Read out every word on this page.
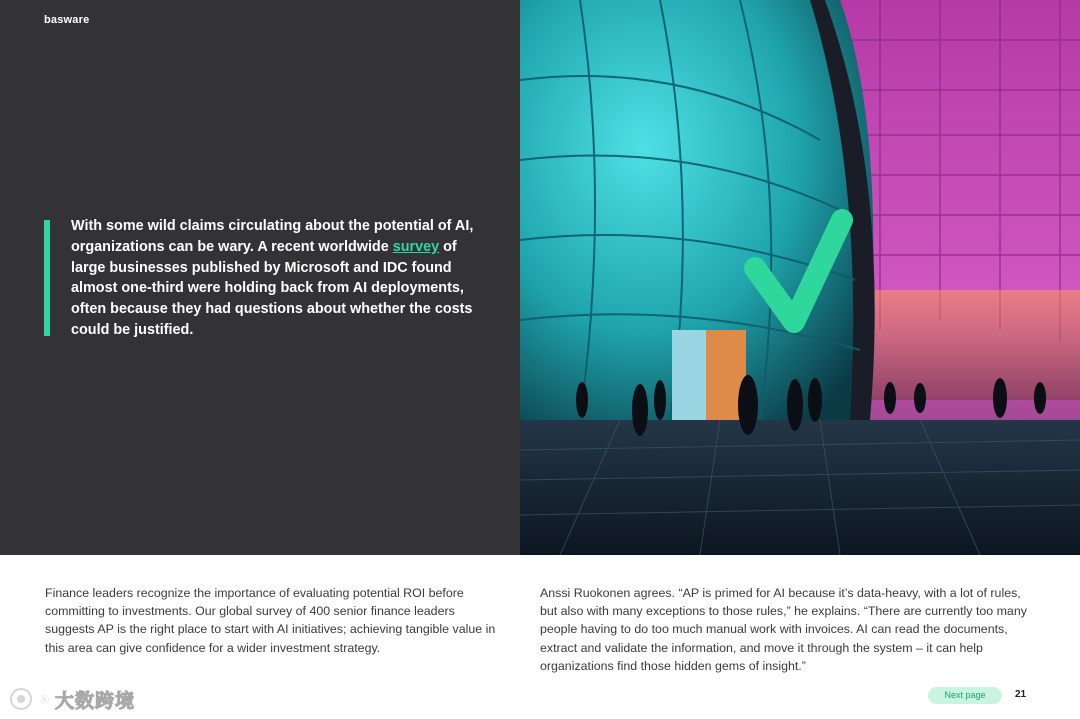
basware

With some wild claims circulating about the potential of AI, organizations can be wary. A recent worldwide survey of large businesses published by Microsoft and IDC found almost one-third were holding back from AI deployments, often because they had questions about whether the costs could be justified.

Finance leaders recognize the importance of evaluating potential ROI before committing to investments. Our global survey of 400 senior finance leaders suggests AP is the right place to start with AI initiatives; achieving tangible value in this area can give confidence for a wider investment strategy.

Anssi Ruokonen agrees. “AP is primed for AI because it’s data-heavy, with a lot of rules, but also with many exceptions to those rules,” he explains. “There are currently too many people having to do too much manual work with invoices. AI can read the documents, extract and validate the information, and move it through the system – it can help organizations find those hidden gems of insight.”

Ⓡ 大数跨境	Next page	21
